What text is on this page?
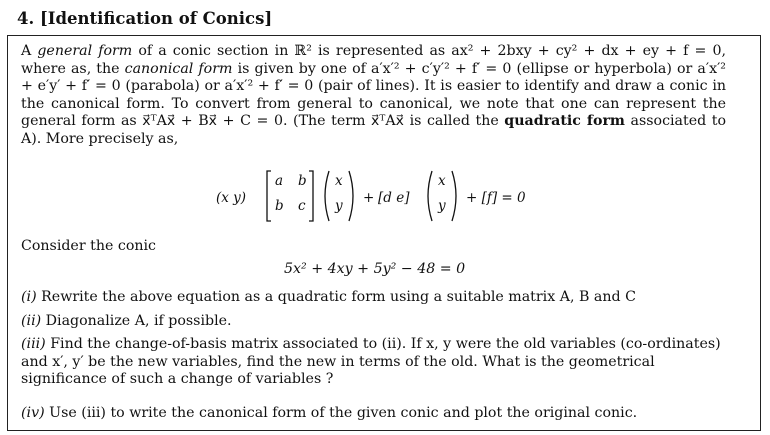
4. [Identification of Conics]
A general form of a conic section in ℝ² is represented as ax² + 2bxy + cy² + dx + ey + f = 0, where as, the canonical form is given by one of a′x′² + c′y′² + f′ = 0 (ellipse or hyperbola) or a′x′² + e′y′ + f′ = 0 (parabola) or a′x′² + f′ = 0 (pair of lines). It is easier to identify and draw a conic in the canonical form. To convert from general to canonical, we note that one can represent the general form as x⃗ᵀAx⃗ + Bx⃗ + C = 0. (The term x⃗ᵀAx⃗ is called the quadratic form associated to A). More precisely as,
(x y)
a b
b c
x
y + [d e]
x
y + [f] = 0
Consider the conic
5x² + 4xy + 5y² − 48 = 0
(i) Rewrite the above equation as a quadratic form using a suitable matrix A, B and C
(ii) Diagonalize A, if possible.
(iii) Find the change-of-basis matrix associated to (ii). If x, y were the old variables (co-ordinates) and x′, y′ be the new variables, find the new in terms of the old. What is the geometrical significance of such a change of variables ?
(iv) Use (iii) to write the canonical form of the given conic and plot the original conic.
